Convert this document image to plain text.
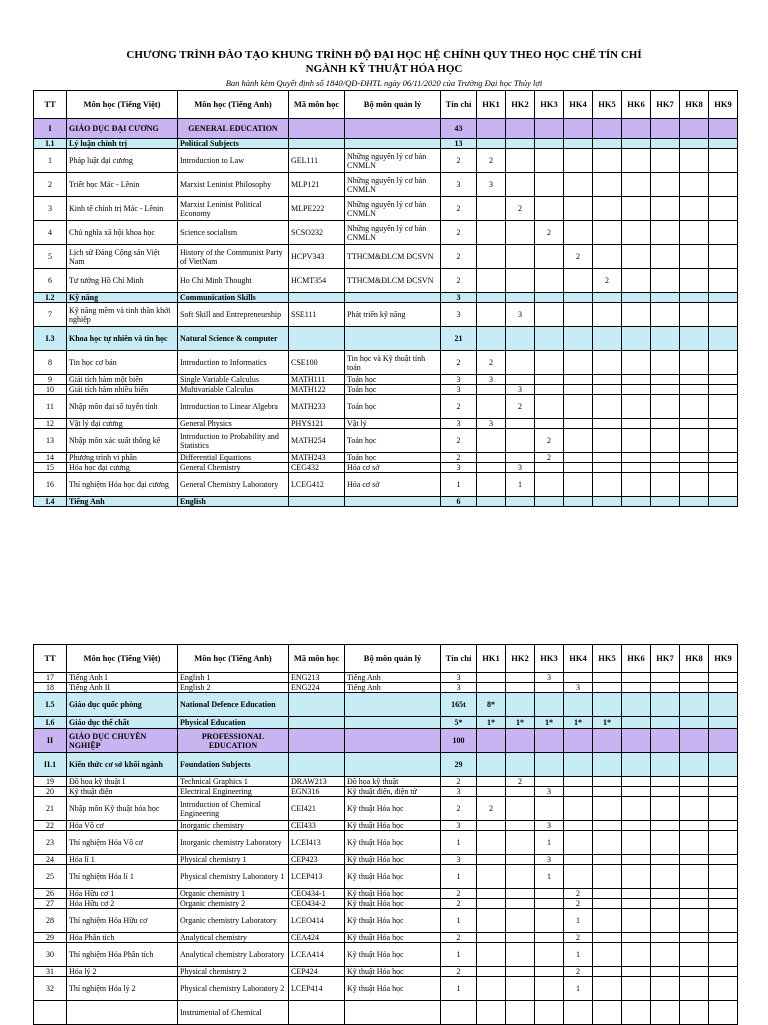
CHƯƠNG TRÌNH ĐÀO TẠO KHUNG TRÌNH ĐỘ ĐẠI HỌC HỆ CHÍNH QUY THEO HỌC CHẾ TÍN CHỈ
NGÀNH KỸ THUẬT HÓA HỌC
Ban hành kèm Quyết định số 1840/QĐ-ĐHTL ngày 06/11/2020 của Trường Đại học Thủy lợi
TT	Môn học (Tiếng Việt)	Môn học (Tiếng Anh)	Mã môn học	Bộ môn quản lý	Tín chỉ	HK1	HK2	HK3	HK4	HK5	HK6	HK7	HK8	HK9
I	GIÁO DỤC ĐẠI CƯƠNG	GENERAL EDUCATION			43									
I.1	Lý luận chính trị	Political Subjects			13									
1	Pháp luật đại cương	Introduction to Law	GEL111	Những nguyên lý cơ bản CNMLN	2	2								
2	Triết học Mác - Lênin	Marxist Leninist Philosophy	MLP121	Những nguyên lý cơ bản CNMLN	3	3								
3	Kinh tế chính trị Mác - Lênin	Marxist Leninist Political Economy	MLPE222	Những nguyên lý cơ bản CNMLN	2		2							
4	Chủ nghĩa xã hội khoa học	Science socialism	SCSO232	Những nguyên lý cơ bản CNMLN	2			2						
5	Lịch sử Đảng Cộng sản Việt Nam	History of the Communist Party of VietNam	HCPV343	TTHCM&ĐLCM ĐCSVN	2				2					
6	Tư tưởng Hồ Chí Minh	Ho Chi Minh Thought	HCMT354	TTHCM&ĐLCM ĐCSVN	2					2				
I.2	Kỹ năng	Communication Skills			3									
7	Kỹ năng mềm và tinh thần khởi nghiệp	Soft Skill and Entrepreneurship	SSE111	Phát triển kỹ năng	3		3							
I.3	Khoa học tự nhiên và tin học	Natural Science & computer			21									
8	Tin học cơ bản	Introduction to Informatics	CSE100	Tin học và Kỹ thuật tính toán	2	2								
9	Giải tích hàm một biến	Single Variable Calculus	MATH111	Toán học	3	3								
10	Giải tích hàm nhiều biến	Multivariable Calculus	MATH122	Toán học	3		3							
11	Nhập môn đại số tuyến tính	Introduction to Linear Algebra	MATH233	Toán học	2		2							
12	Vật lý đại cương	General Physics	PHYS121	Vật lý	3	3								
13	Nhập môn xác suất thống kê	Introduction to Probability and Statistics	MATH254	Toán học	2			2						
14	Phương trình vi phân	Differential Equations	MATH243	Toán học	2			2						
15	Hóa học đại cương	General Chemistry	CEG432	Hóa cơ sở	3		3							
16	Thí nghiệm Hóa học đại cương	General Chemistry Laboratory	LCEG412	Hóa cơ sở	1		1							
I.4	Tiếng Anh	English			6									
TT	Môn học (Tiếng Việt)	Môn học (Tiếng Anh)	Mã môn học	Bộ môn quản lý	Tín chỉ	HK1	HK2	HK3	HK4	HK5	HK6	HK7	HK8	HK9
17	Tiếng Anh I	English 1	ENG213	Tiếng Anh	3			3						
18	Tiếng Anh II	English 2	ENG224	Tiếng Anh	3				3					
I.5	Giáo dục quốc phòng	National Defence Education			165t	8*								
I.6	Giáo dục thể chất	Physical Education			5*	1*	1*	1*	1*	1*				
II	GIÁO DỤC CHUYÊN NGHIỆP	PROFESSIONAL EDUCATION			100									
II.1	Kiến thức cơ sở khối ngành	Foundation Subjects			29									
19	Đồ họa kỹ thuật I	Technical Graphics 1	DRAW213	Đồ họa kỹ thuật	2		2							
20	Kỹ thuật điện	Electrical Engineering	EGN316	Kỹ thuật điện, điện tử	3			3						
21	Nhập môn Kỹ thuật hóa học	Introduction of Chemical Engineering	CEI421	Kỹ thuật Hóa học	2	2								
22	Hóa Vô cơ	Inorganic chemistry	CEI433	Kỹ thuật Hóa học	3			3						
23	Thí nghiệm Hóa Vô cơ	Inorganic chemistry Laboratory	LCEI413	Kỹ thuật Hóa học	1			1						
24	Hóa lí 1	Physical chemistry 1	CEP423	Kỹ thuật Hóa học	3			3						
25	Thí nghiệm Hóa lí 1	Physical chemistry Laboratory 1	LCEP413	Kỹ thuật Hóa học	1			1						
26	Hóa Hữu cơ 1	Organic chemistry 1	CEO434-1	Kỹ thuật Hóa học	2				2					
27	Hóa Hữu cơ 2	Organic chemistry 2	CEO434-2	Kỹ thuật Hóa học	2				2					
28	Thí nghiệm Hóa Hữu cơ	Organic chemistry Laboratory	LCEO414	Kỹ thuật Hóa học	1				1					
29	Hóa Phân tích	Analytical chemistry	CEA424	Kỹ thuật Hóa học	2				2					
30	Thí nghiệm Hóa Phân tích	Analytical chemistry Laboratory	LCEA414	Kỹ thuật Hóa học	1				1					
31	Hóa lý 2	Physical chemistry 2	CEP424	Kỹ thuật Hóa học	2				2					
32	Thí nghiệm Hóa lý 2	Physical chemistry Laboratory 2	LCEP414	Kỹ thuật Hóa học	1				1					
		Instrumental of Chemical												
